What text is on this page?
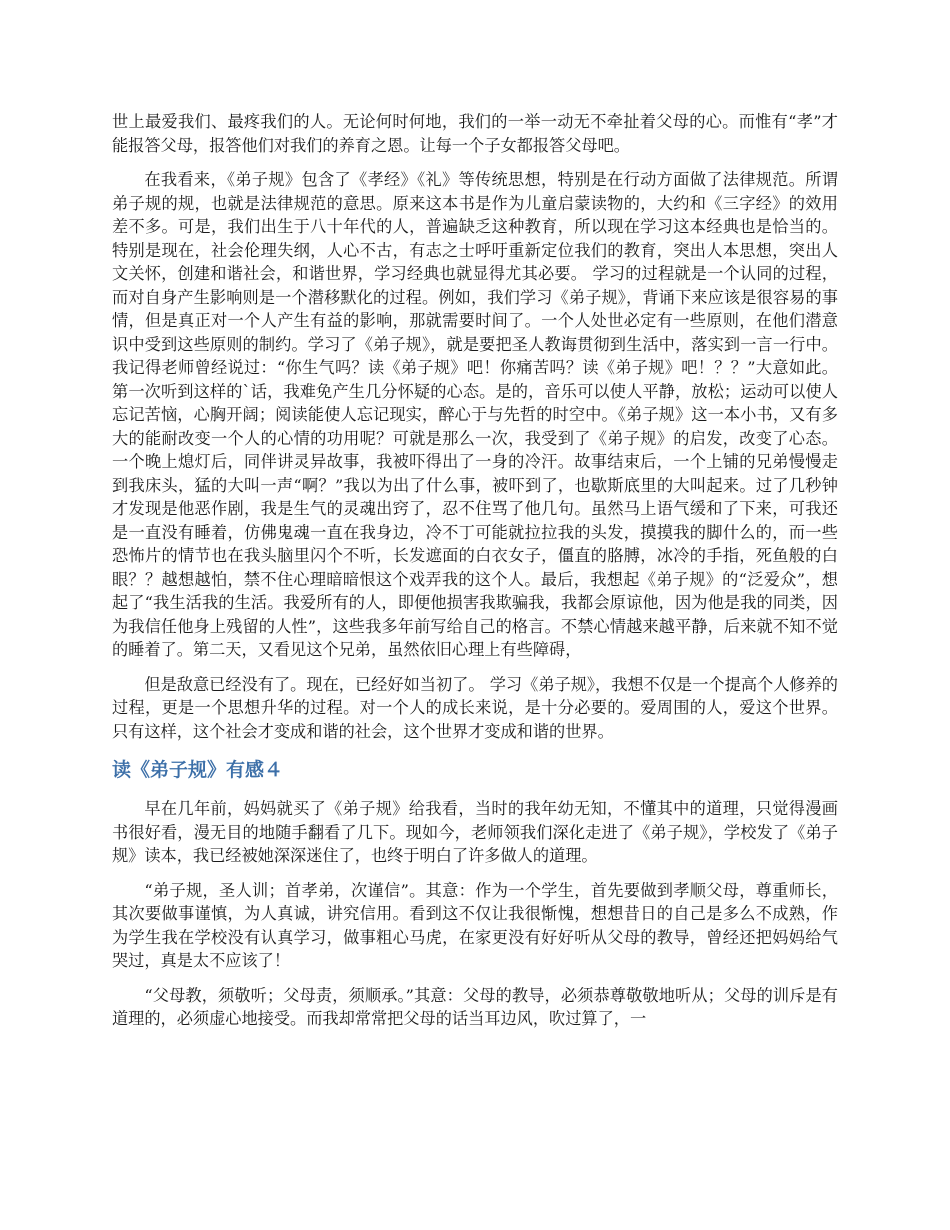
世上最爱我们、最疼我们的人。无论何时何地，我们的一举一动无不牵扯着父母的心。而惟有“孝”才能报答父母，报答他们对我们的养育之恩。让每一个子女都报答父母吧。

在我看来，《弟子规》包含了《孝经》《礼》等传统思想，特别是在行动方面做了法律规范。所谓弟子规的规，也就是法律规范的意思。原来这本书是作为儿童启蒙读物的，大约和《三字经》的效用差不多。可是，我们出生于八十年代的人，普遍缺乏这种教育，所以现在学习这本经典也是恰当的。特别是现在，社会伦理失纲，人心不古，有志之士呼吁重新定位我们的教育，突出人本思想，突出人文关怀，创建和谐社会，和谐世界，学习经典也就显得尤其必要。 学习的过程就是一个认同的过程，而对自身产生影响则是一个潜移默化的过程。例如，我们学习《弟子规》，背诵下来应该是很容易的事情，但是真正对一个人产生有益的影响，那就需要时间了。一个人处世必定有一些原则，在他们潜意识中受到这些原则的制约。学习了《弟子规》，就是要把圣人教诲贯彻到生活中，落实到一言一行中。 我记得老师曾经说过：“你生气吗？读《弟子规》吧！你痛苦吗？读《弟子规》吧！？？”大意如此。第一次听到这样的`话，我难免产生几分怀疑的心态。是的，音乐可以使人平静，放松；运动可以使人忘记苦恼，心胸开阔；阅读能使人忘记现实，醉心于与先哲的时空中。《弟子规》这一本小书，又有多大的能耐改变一个人的心情的功用呢？可就是那么一次，我受到了《弟子规》的启发，改变了心态。一个晚上熄灯后，同伴讲灵异故事，我被吓得出了一身的冷汗。故事结束后，一个上铺的兄弟慢慢走到我床头，猛的大叫一声“啊？”我以为出了什么事，被吓到了，也歇斯底里的大叫起来。过了几秒钟才发现是他恶作剧，我是生气的灵魂出窍了，忍不住骂了他几句。虽然马上语气缓和了下来，可我还是一直没有睡着，仿佛鬼魂一直在我身边，冷不丁可能就拉拉我的头发，摸摸我的脚什么的，而一些恐怖片的情节也在我头脑里闪个不听，长发遮面的白衣女子，僵直的胳膊，冰冷的手指，死鱼般的白眼？？越想越怕，禁不住心理暗暗恨这个戏弄我的这个人。最后，我想起《弟子规》的“泛爱众”，想起了“我生活我的生活。我爱所有的人，即便他损害我欺骗我，我都会原谅他，因为他是我的同类，因为我信任他身上残留的人性”，这些我多年前写给自己的格言。不禁心情越来越平静，后来就不知不觉的睡着了。第二天，又看见这个兄弟，虽然依旧心理上有些障碍，

但是敌意已经没有了。现在，已经好如当初了。 学习《弟子规》，我想不仅是一个提高个人修养的过程，更是一个思想升华的过程。对一个人的成长来说，是十分必要的。爱周围的人，爱这个世界。只有这样，这个社会才变成和谐的社会，这个世界才变成和谐的世界。

读《弟子规》有感４

早在几年前，妈妈就买了《弟子规》给我看，当时的我年幼无知，不懂其中的道理，只觉得漫画书很好看，漫无目的地随手翻看了几下。现如今，老师领我们深化走进了《弟子规》，学校发了《弟子规》读本，我已经被她深深迷住了，也终于明白了许多做人的道理。

“弟子规，圣人训；首孝弟，次谨信”。其意：作为一个学生，首先要做到孝顺父母，尊重师长，其次要做事谨慎，为人真诚，讲究信用。看到这不仅让我很惭愧，想想昔日的自己是多么不成熟，作为学生我在学校没有认真学习，做事粗心马虎，在家更没有好好听从父母的教导，曾经还把妈妈给气哭过，真是太不应该了！

“父母教，须敬听；父母责，须顺承。”其意：父母的教导，必须恭尊敬敬地听从；父母的训斥是有道理的，必须虚心地接受。而我却常常把父母的话当耳边风，吹过算了，一
